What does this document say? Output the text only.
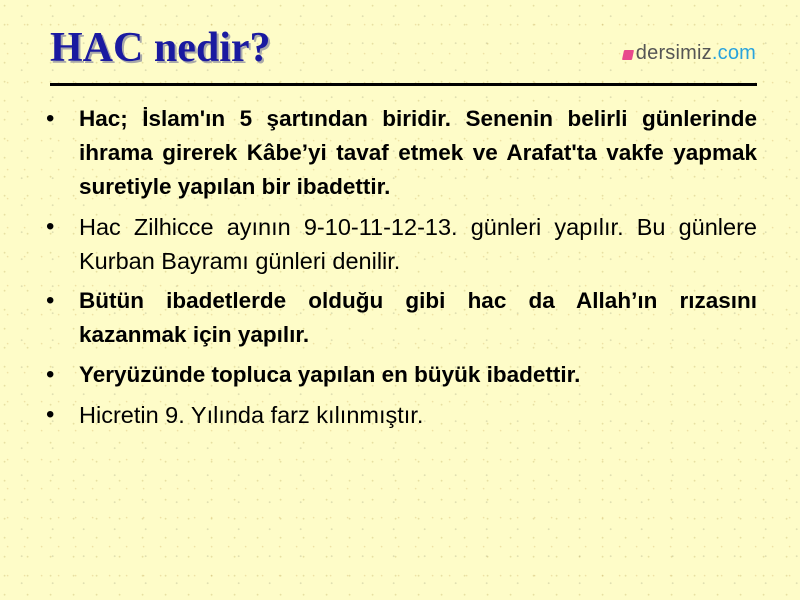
HAC nedir?	dersimiz .com
• Hac; İslam'ın 5 şartından biridir. Senenin belirli günlerinde ihrama girerek Kâbe’yi tavaf etmek ve Arafat'ta vakfe yapmak suretiyle yapılan bir ibadettir.
• Hac Zilhicce ayının 9-10-11-12-13. günleri yapılır. Bu günlere Kurban Bayramı günleri denilir.
• Bütün ibadetlerde olduğu gibi hac da Allah’ın rızasını kazanmak için yapılır.
• Yeryüzünde topluca yapılan en büyük ibadettir.
• Hicretin 9. Yılında farz kılınmıştır.
